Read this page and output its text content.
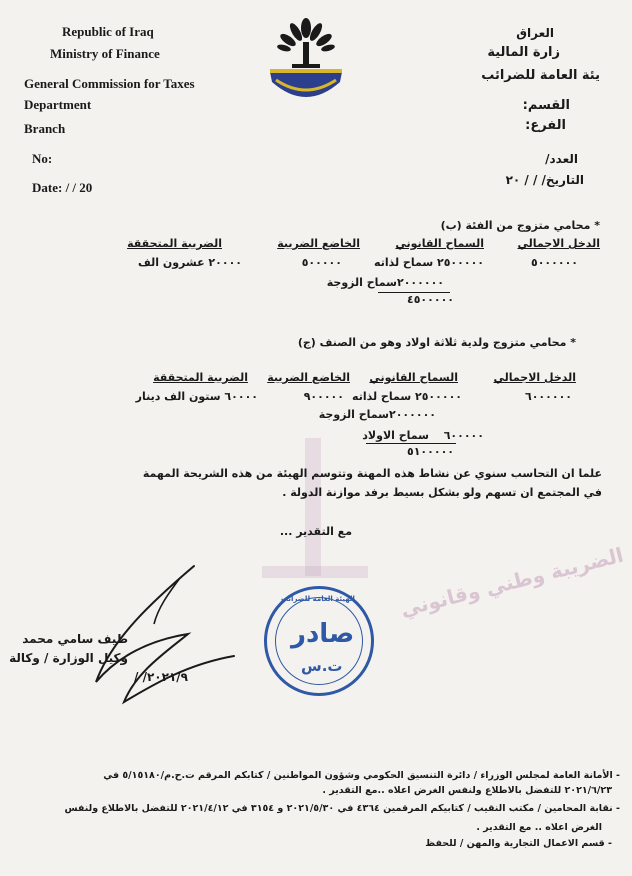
Republic of Iraq
Ministry of Finance
General Commission for Taxes
Department
Branch
No:
Date: / / 20
العراق
زارة المالية
يئة العامة للضرائب
القسم:
الفرع:
العدد/
التاريخ/ / / ٢٠
* محامي متزوج من الفئة (ب)
الدخل الاجمالي
السماح القانوني
الخاضع الضريبة
الضريبة المتحققة
٥٠٠٠٠٠٠
٢٥٠٠٠٠٠ سماح لذاته
٥٠٠٠٠٠
٢٠٠٠٠ عشرون الف
٢٠٠٠٠٠٠سماح الزوجة
٤٥٠٠٠٠٠
* محامي متزوج ولدية ثلاثة اولاد وهو من الصنف (ج)
الدخل الاجمالي
السماح القانوني
الخاضع الضريبة
الضريبة المتحققة
٦٠٠٠٠٠٠
٢٥٠٠٠٠٠ سماح لذاته
٩٠٠٠٠٠
٦٠٠٠٠ ستون الف دينار
٢٠٠٠٠٠٠سماح الزوجة
سماح الاولاد ٦٠٠٠٠٠
٥١٠٠٠٠٠
علما ان التحاسب سنوي عن نشاط هذه المهنة وتتوسم الهيئة من هذه الشريحة المهمة
في المجتمع ان تسهم ولو بشكل بسيط برفد موازنة الدولة .
مع التقدير ...
الضريبة وطني وقانوني
الهيئة العامة للضرائب
صادر
ت.س
طيف سامي محمد
وكيل الوزارة / وكالة
٢٠٢١/٩/ /
- الأمانة العامة لمجلس الوزراء / دائرة التنسيق الحكومي وشؤون المواطنين / كتابكم المرقم ت.ح.م/٥/١٥١٨٠ في
٢٠٢١/٦/٢٣ للتفضل بالاطلاع ولنفس الغرض اعلاه ..مع التقدير .
- نقابة المحامين / مكتب النقيب / كتابيكم المرقمين ٤٣٦٤ في ٢٠٢١/٥/٣٠ و ٣١٥٤ في ٢٠٢١/٤/١٢ للتفضل بالاطلاع ولنفس
الغرض اعلاه .. مع التقدير .
- قسم الاعمال التجارية والمهن / للحفظ
